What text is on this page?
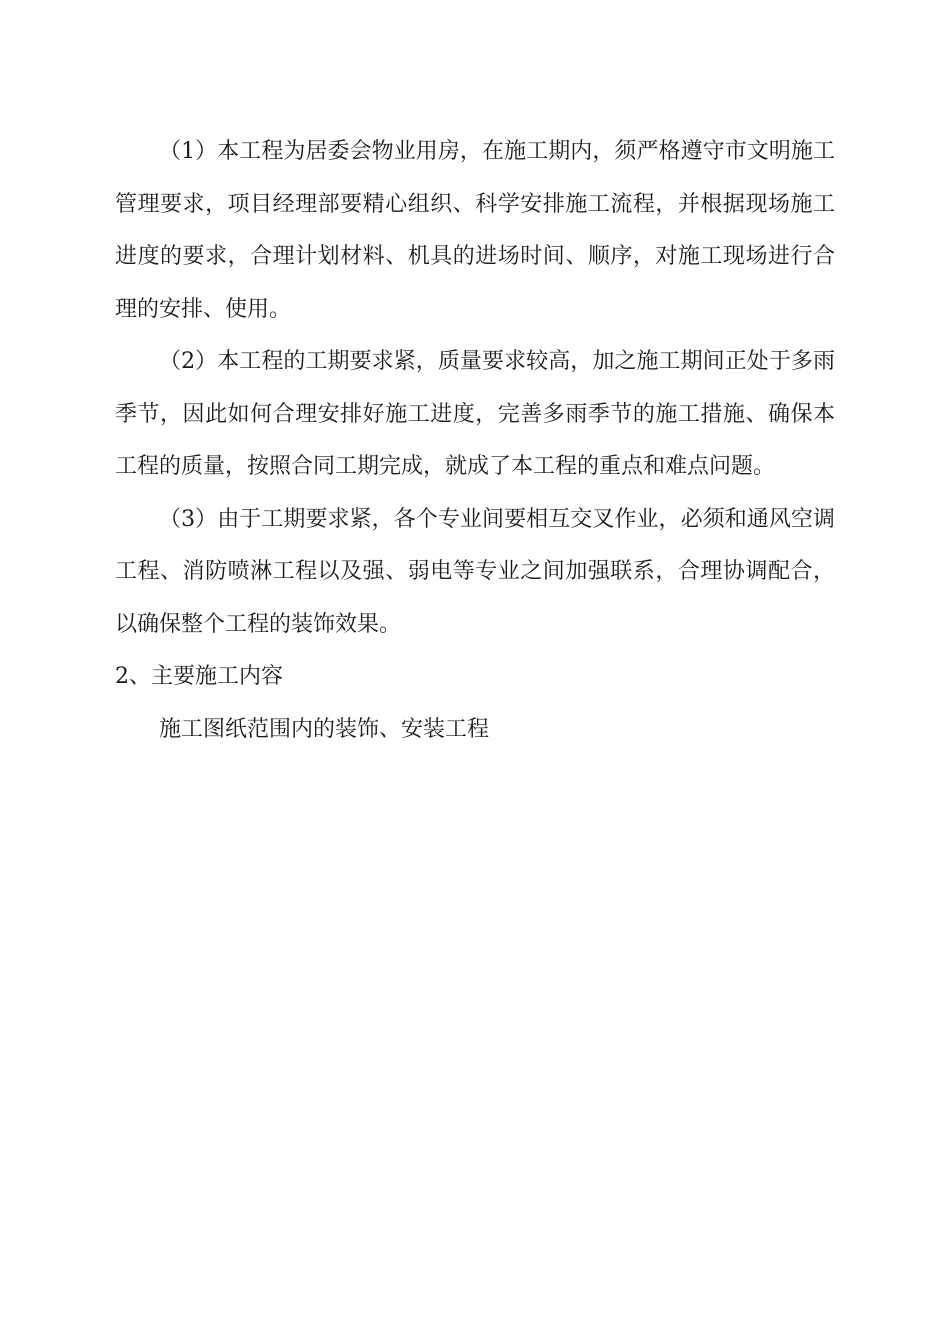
（1）本工程为居委会物业用房，在施工期内，须严格遵守市文明施工管理要求，项目经理部要精心组织、科学安排施工流程，并根据现场施工进度的要求，合理计划材料、机具的进场时间、顺序，对施工现场进行合理的安排、使用。

（2）本工程的工期要求紧，质量要求较高，加之施工期间正处于多雨季节，因此如何合理安排好施工进度，完善多雨季节的施工措施、确保本工程的质量，按照合同工期完成，就成了本工程的重点和难点问题。

（3）由于工期要求紧，各个专业间要相互交叉作业，必须和通风空调工程、消防喷淋工程以及强、弱电等专业之间加强联系，合理协调配合，以确保整个工程的装饰效果。

2、主要施工内容

施工图纸范围内的装饰、安装工程
